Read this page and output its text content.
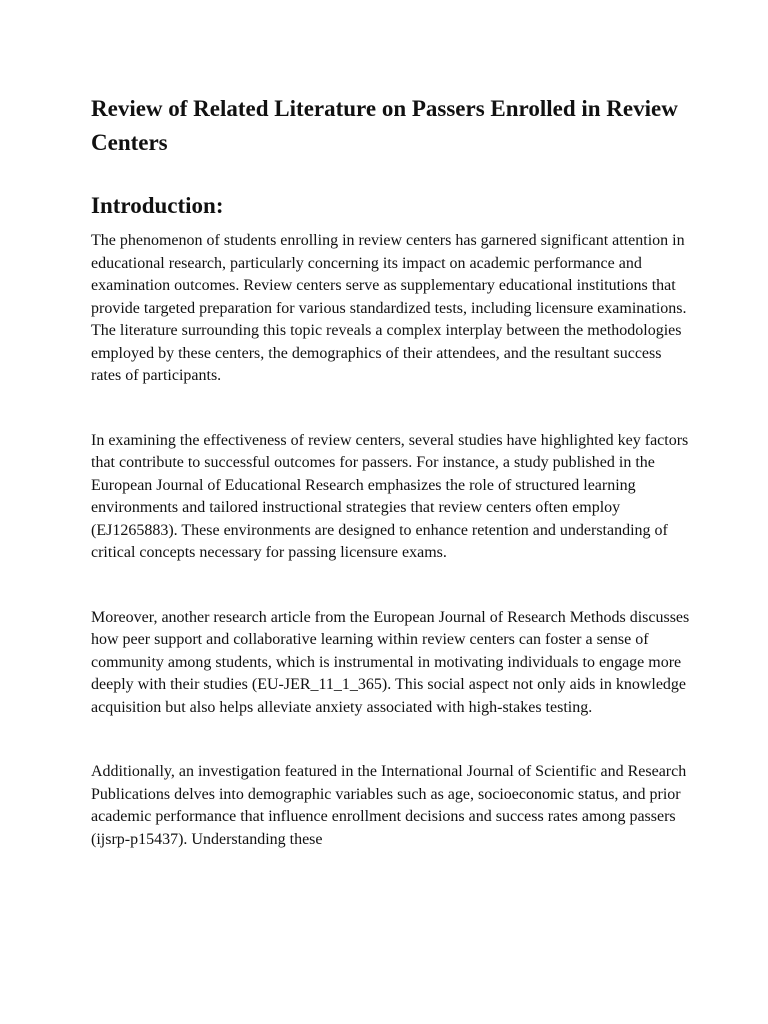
Review of Related Literature on Passers Enrolled in Review Centers
Introduction:

The phenomenon of students enrolling in review centers has garnered significant attention in educational research, particularly concerning its impact on academic performance and examination outcomes. Review centers serve as supplementary educational institutions that provide targeted preparation for various standardized tests, including licensure examinations. The literature surrounding this topic reveals a complex interplay between the methodologies employed by these centers, the demographics of their attendees, and the resultant success rates of participants.

In examining the effectiveness of review centers, several studies have highlighted key factors that contribute to successful outcomes for passers. For instance, a study published in the European Journal of Educational Research emphasizes the role of structured learning environments and tailored instructional strategies that review centers often employ (EJ1265883). These environments are designed to enhance retention and understanding of critical concepts necessary for passing licensure exams.

Moreover, another research article from the European Journal of Research Methods discusses how peer support and collaborative learning within review centers can foster a sense of community among students, which is instrumental in motivating individuals to engage more deeply with their studies (EU-JER_11_1_365). This social aspect not only aids in knowledge acquisition but also helps alleviate anxiety associated with high-stakes testing.

Additionally, an investigation featured in the International Journal of Scientific and Research Publications delves into demographic variables such as age, socioeconomic status, and prior academic performance that influence enrollment decisions and success rates among passers (ijsrp-p15437). Understanding these
